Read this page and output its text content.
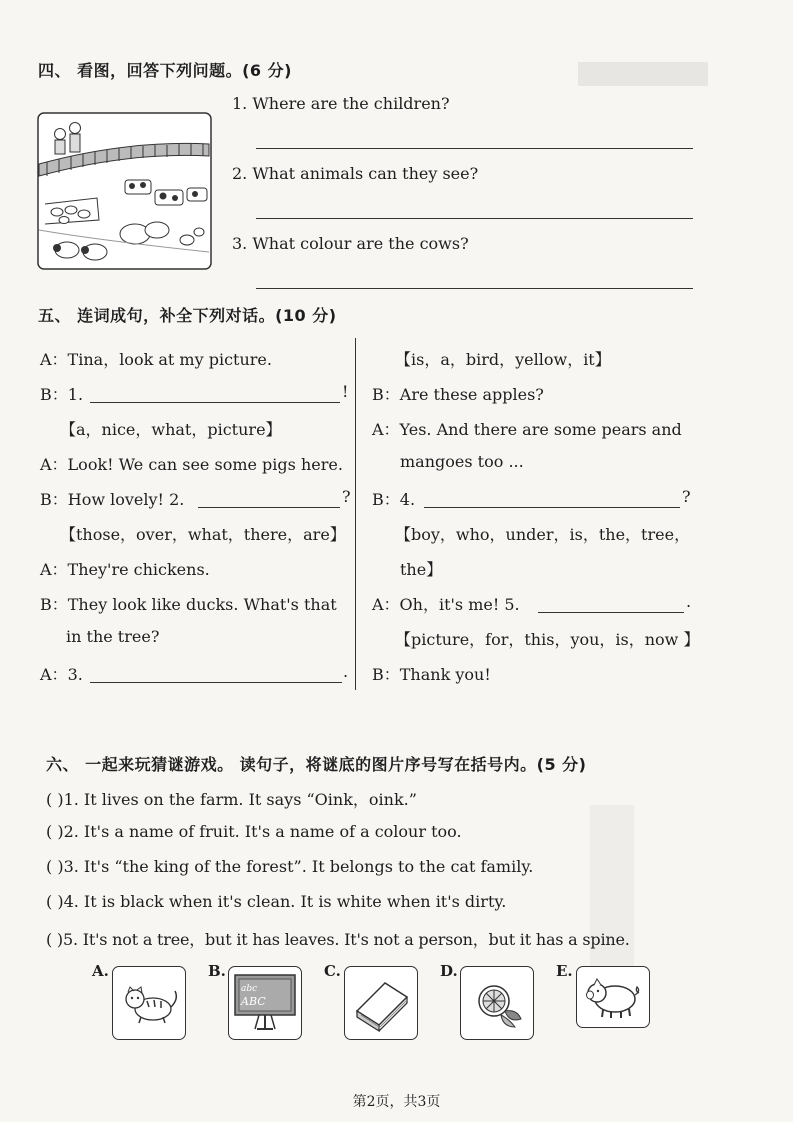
四、 看图，回答下列问题。(6 分)
1. Where are the children?
2. What animals can they see?
3. What colour are the cows?
五、 连词成句，补全下列对话。(10 分)
A：Tina，look at my picture.
B：1.	!
【a，nice，what，picture】
A：Look! We can see some pigs here.
B：How lovely! 2.	?
【those，over，what，there，are】
A：They're chickens.
B：They look like ducks. What's that
in the tree?
A：3.	.
【is，a，bird，yellow，it】
B：Are these apples?
A：Yes. And there are some pears and
mangoes too ...
B：4.	?
【boy，who，under，is，the，tree，
the】
A：Oh，it's me! 5.	.
【picture，for，this，you，is，now 】
B：Thank you!
六、 一起来玩猜谜游戏。 读句子，将谜底的图片序号写在括号内。(5 分)
( )1. It lives on the farm. It says “Oink，oink.”
( )2. It's a name of fruit. It's a name of a colour too.
( )3. It's “the king of the forest”. It belongs to the cat family.
( )4. It is black when it's clean. It is white when it's dirty.
( )5. It's not a tree，but it has leaves. It's not a person，but it has a spine.
A.	B.
abc
ABC
C.	D.	E.
第2页，共3页
